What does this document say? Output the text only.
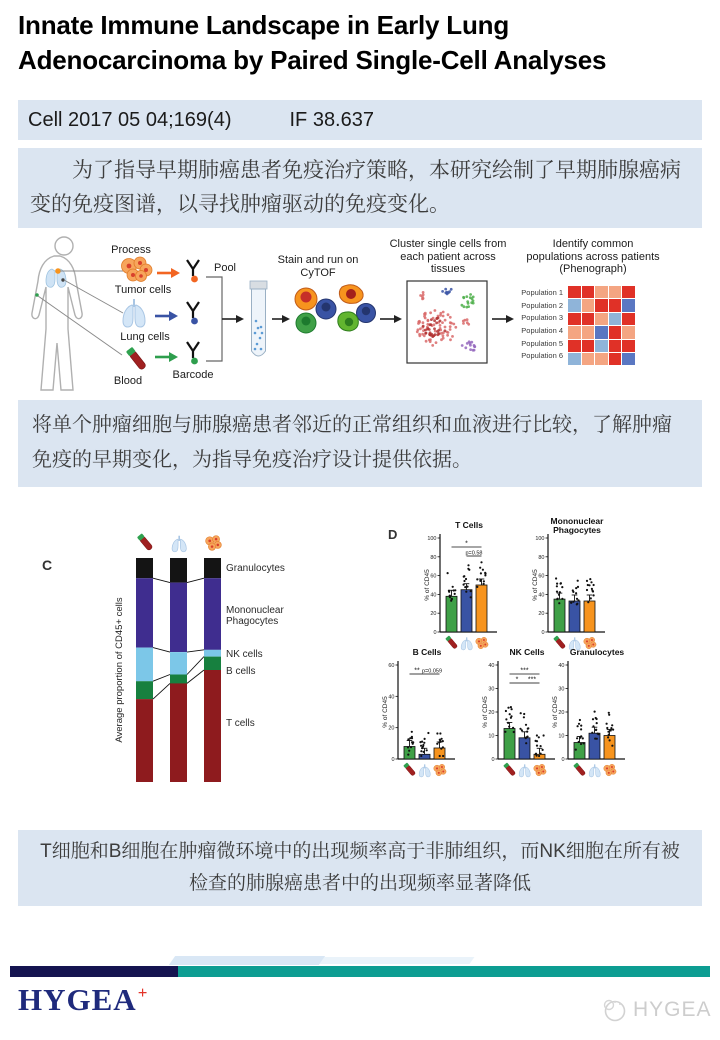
Innate Immune Landscape in Early Lung
Adenocarcinoma by Paired Single-Cell Analyses
Cell 2017 05 04;169(4)	IF 38.637

为了指导早期肺癌患者免疫治疗策略，本研究绘制了早期肺腺癌病变的免疫图谱，以寻找肿瘤驱动的免疫变化。

Process
Tumor cells
Pool
Lung cells
Blood	Barcode
Stain and run on CyTOF
Cluster single cells from each patient across tissues
Identify common populations across patients (Phenograph)
Population 1
Population 2
Population 3
Population 4
Population 5
Population 6
将单个肿瘤细胞与肺腺癌患者邻近的正常组织和血液进行比较，了解肿瘤免疫的早期变化，为指导免疫治疗设计提供依据。
C
Average proportion of CD45+ cells
Granulocytes
Mononuclear
Phagocytes
NK cells
B cells
T cells
D
T Cells
0
20
40
60
80
100
% of CD45
*
p=0.58
Mononuclear
Phagocytes
0
20
40
60
80
100
% of CD45
B Cells
0
20
40
60
% of CD45
** p=0.059
NK Cells
0
10
20
30
40
% of CD45
***
* ***
Granulocytes
0
10
20
30
40
% of CD45
T细胞和B细胞在肿瘤微环境中的出现频率高于非肺组织，而NK细胞在所有被检查的肺腺癌患者中的出现频率显著降低
HYGEA+
HYGEA
